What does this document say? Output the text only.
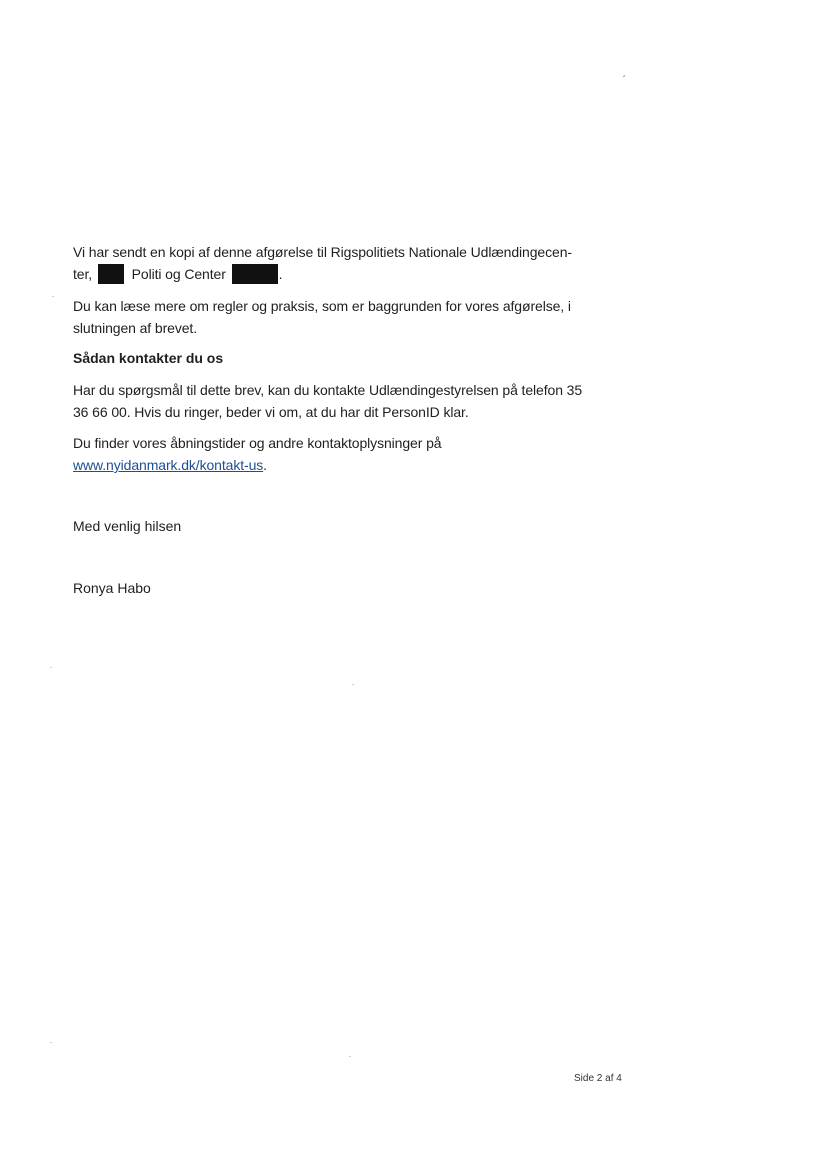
ˏ

Vi har sendt en kopi af denne afgørelse til Rigspolitiets Nationale Udlændingecen-
ter,  Politi og Center	.

Du kan læse mere om regler og praksis, som er baggrunden for vores afgørelse, i slutningen af brevet.

Sådan kontakter du os

Har du spørgsmål til dette brev, kan du kontakte Udlændingestyrelsen på telefon 35 36 66 00. Hvis du ringer, beder vi om, at du har dit PersonID klar.

Du finder vores åbningstider og andre kontaktoplysninger på
www.nyidanmark.dk/kontakt-us.

Med venlig hilsen
Ronya Habo
Side 2 af 4
